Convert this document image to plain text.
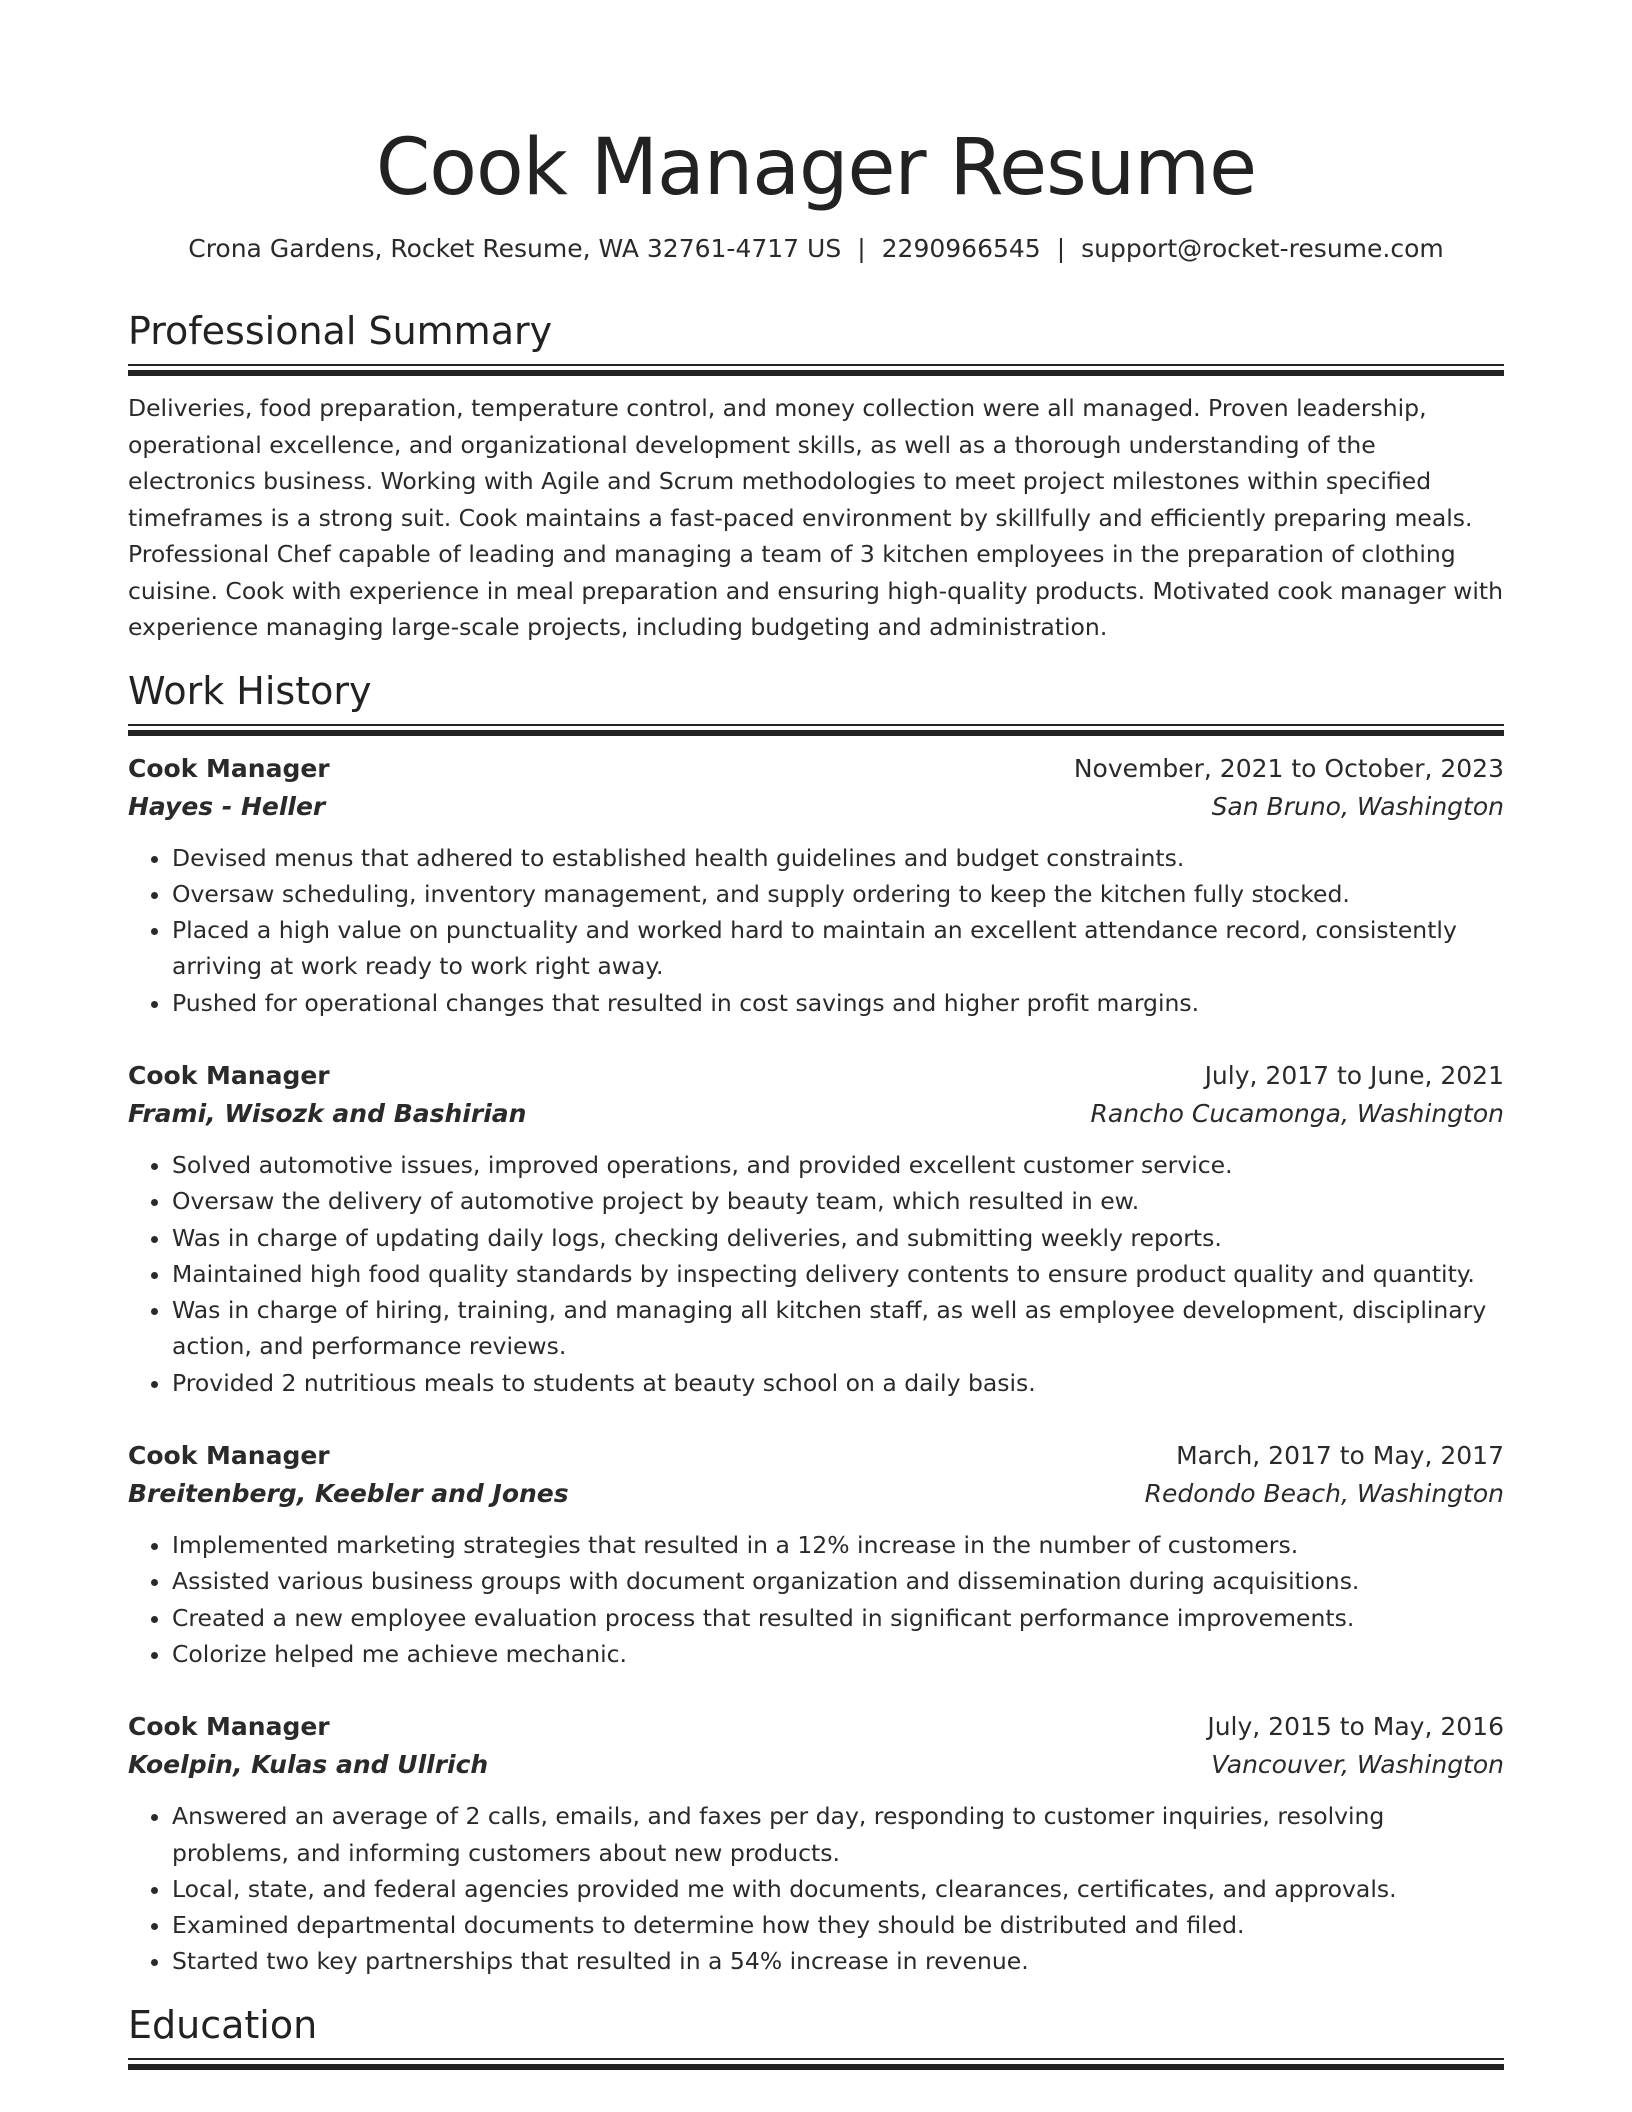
Cook Manager Resume
Crona Gardens, Rocket Resume, WA 32761-4717 US | 2290966545 | support@rocket-resume.com
Professional Summary
Deliveries, food preparation, temperature control, and money collection were all managed. Proven leadership, operational excellence, and organizational development skills, as well as a thorough understanding of the electronics business. Working with Agile and Scrum methodologies to meet project milestones within specified timeframes is a strong suit. Cook maintains a fast-paced environment by skillfully and efficiently preparing meals. Professional Chef capable of leading and managing a team of 3 kitchen employees in the preparation of clothing cuisine. Cook with experience in meal preparation and ensuring high-quality products. Motivated cook manager with experience managing large-scale projects, including budgeting and administration.
Work History
Cook Manager	November, 2021 to October, 2023
Hayes - Heller	San Bruno, Washington
• Devised menus that adhered to established health guidelines and budget constraints.
• Oversaw scheduling, inventory management, and supply ordering to keep the kitchen fully stocked.
• Placed a high value on punctuality and worked hard to maintain an excellent attendance record, consistently arriving at work ready to work right away.
• Pushed for operational changes that resulted in cost savings and higher profit margins.
Cook Manager	July, 2017 to June, 2021
Frami, Wisozk and Bashirian	Rancho Cucamonga, Washington
• Solved automotive issues, improved operations, and provided excellent customer service.
• Oversaw the delivery of automotive project by beauty team, which resulted in ew.
• Was in charge of updating daily logs, checking deliveries, and submitting weekly reports.
• Maintained high food quality standards by inspecting delivery contents to ensure product quality and quantity.
• Was in charge of hiring, training, and managing all kitchen staff, as well as employee development, disciplinary action, and performance reviews.
• Provided 2 nutritious meals to students at beauty school on a daily basis.
Cook Manager	March, 2017 to May, 2017
Breitenberg, Keebler and Jones	Redondo Beach, Washington
• Implemented marketing strategies that resulted in a 12% increase in the number of customers.
• Assisted various business groups with document organization and dissemination during acquisitions.
• Created a new employee evaluation process that resulted in significant performance improvements.
• Colorize helped me achieve mechanic.
Cook Manager	July, 2015 to May, 2016
Koelpin, Kulas and Ullrich	Vancouver, Washington
• Answered an average of 2 calls, emails, and faxes per day, responding to customer inquiries, resolving problems, and informing customers about new products.
• Local, state, and federal agencies provided me with documents, clearances, certificates, and approvals.
• Examined departmental documents to determine how they should be distributed and filed.
• Started two key partnerships that resulted in a 54% increase in revenue.
Education
